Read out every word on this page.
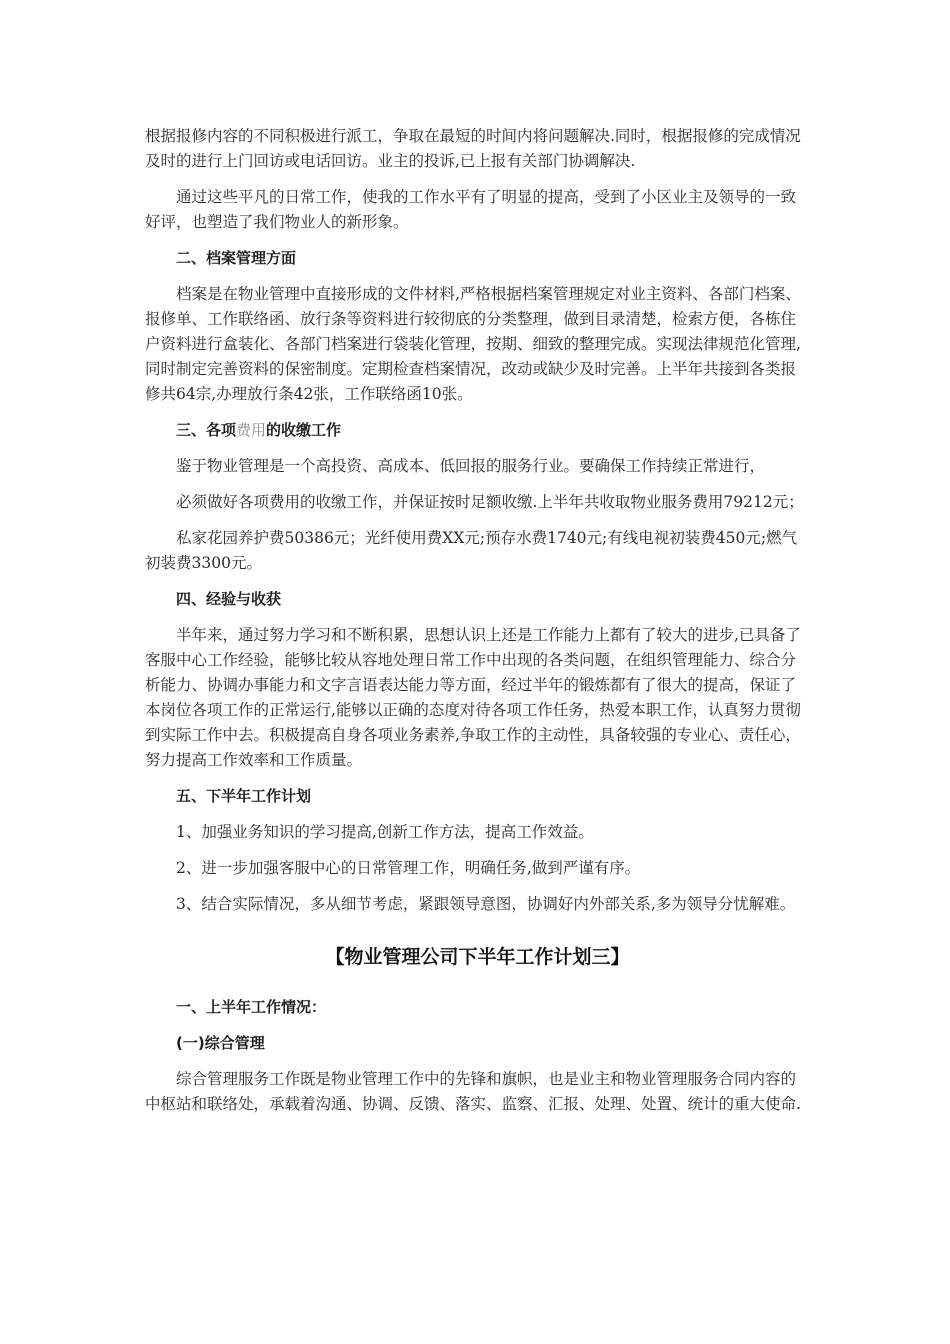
根据报修内容的不同积极进行派工，争取在最短的时间内将问题解决.同时，根据报修的完成情况及时的进行上门回访或电话回访。业主的投诉,已上报有关部门协调解决.

通过这些平凡的日常工作，使我的工作水平有了明显的提高，受到了小区业主及领导的一致好评，也塑造了我们物业人的新形象。

二、档案管理方面

档案是在物业管理中直接形成的文件材料,严格根据档案管理规定对业主资料、各部门档案、报修单、工作联络函、放行条等资料进行较彻底的分类整理，做到目录清楚，检索方便，各栋住户资料进行盒装化、各部门档案进行袋装化管理，按期、细致的整理完成。实现法律规范化管理,同时制定完善资料的保密制度。定期检查档案情况，改动或缺少及时完善。上半年共接到各类报修共64宗,办理放行条42张，工作联络函10张。

三、各项费用的收缴工作

鉴于物业管理是一个高投资、高成本、低回报的服务行业。要确保工作持续正常进行，

必须做好各项费用的收缴工作，并保证按时足额收缴.上半年共收取物业服务费用79212元；

私家花园养护费50386元；光纤使用费XX元;预存水费1740元;有线电视初装费450元;燃气初装费3300元。

四、经验与收获

半年来，通过努力学习和不断积累，思想认识上还是工作能力上都有了较大的进步,已具备了客服中心工作经验，能够比较从容地处理日常工作中出现的各类问题，在组织管理能力、综合分析能力、协调办事能力和文字言语表达能力等方面，经过半年的锻炼都有了很大的提高，保证了本岗位各项工作的正常运行,能够以正确的态度对待各项工作任务，热爱本职工作，认真努力贯彻到实际工作中去。积极提高自身各项业务素养,争取工作的主动性，具备较强的专业心、责任心，努力提高工作效率和工作质量。

五、下半年工作计划

1、加强业务知识的学习提高,创新工作方法，提高工作效益。

2、进一步加强客服中心的日常管理工作，明确任务,做到严谨有序。

3、结合实际情况，多从细节考虑，紧跟领导意图，协调好内外部关系,多为领导分忧解难。

【物业管理公司下半年工作计划三】
一、上半年工作情况：
(一)综合管理

综合管理服务工作既是物业管理工作中的先锋和旗帜，也是业主和物业管理服务合同内容的中枢站和联络处，承载着沟通、协调、反馈、落实、监察、汇报、处理、处置、统计的重大使命.
